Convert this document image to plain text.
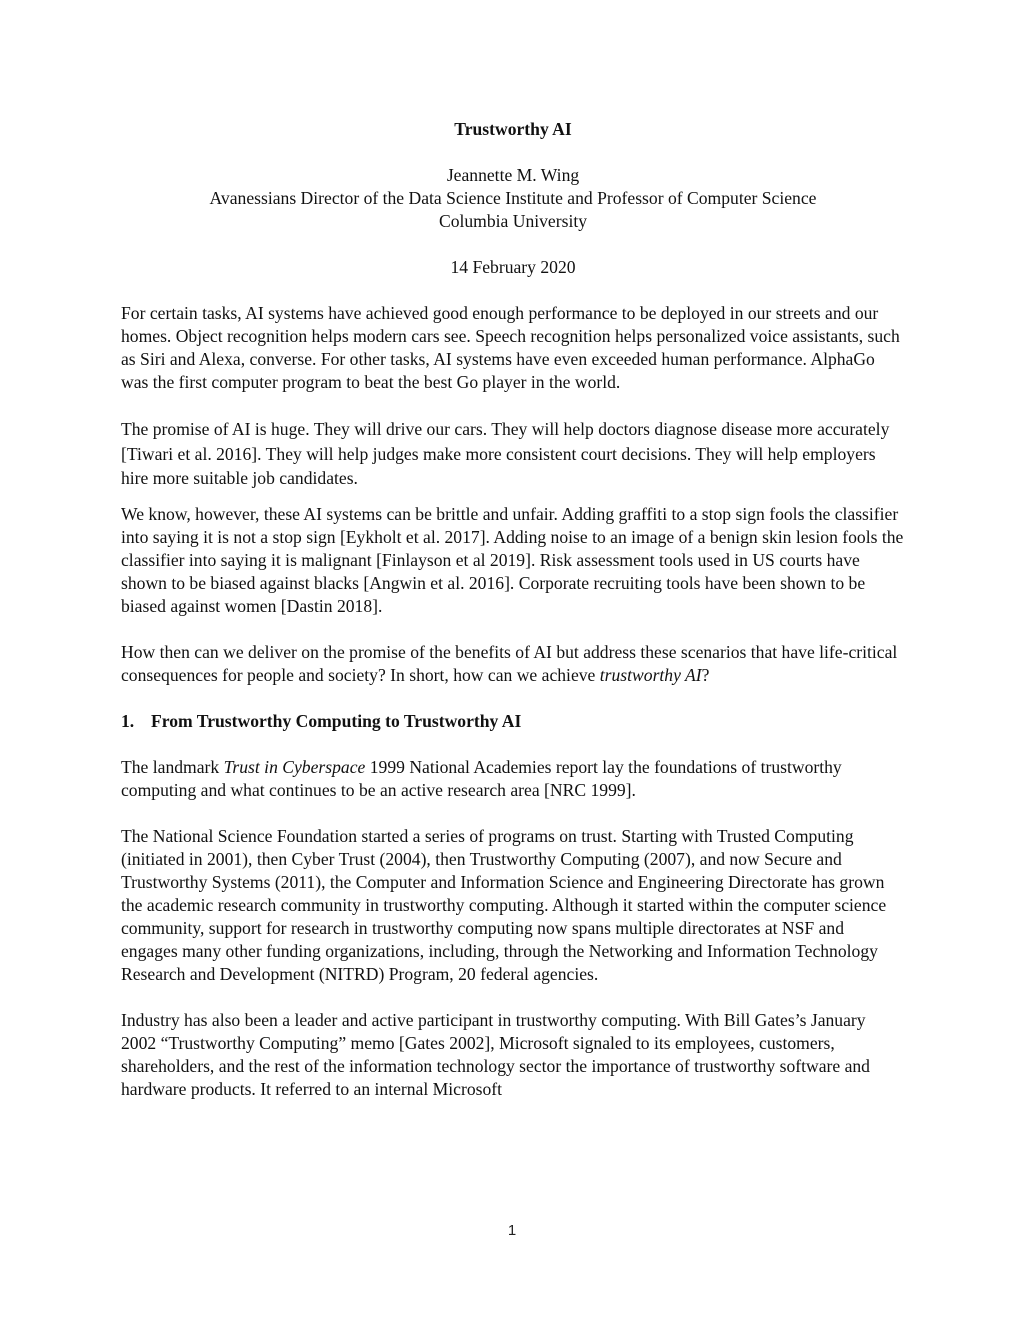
Trustworthy AI
Jeannette M. Wing
Avanessians Director of the Data Science Institute and Professor of Computer Science
Columbia University
14 February 2020

For certain tasks, AI systems have achieved good enough performance to be deployed in our streets and our homes. Object recognition helps modern cars see. Speech recognition helps personalized voice assistants, such as Siri and Alexa, converse. For other tasks, AI systems have even exceeded human performance. AlphaGo was the first computer program to beat the best Go player in the world.

The promise of AI is huge. They will drive our cars. They will help doctors diagnose disease more accurately [Tiwari et al. 2016]. They will help judges make more consistent court decisions. They will help employers hire more suitable job candidates.

We know, however, these AI systems can be brittle and unfair. Adding graffiti to a stop sign fools the classifier into saying it is not a stop sign [Eykholt et al. 2017]. Adding noise to an image of a benign skin lesion fools the classifier into saying it is malignant [Finlayson et al 2019]. Risk assessment tools used in US courts have shown to be biased against blacks [Angwin et al. 2016]. Corporate recruiting tools have been shown to be biased against women [Dastin 2018].

How then can we deliver on the promise of the benefits of AI but address these scenarios that have life-critical consequences for people and society? In short, how can we achieve trustworthy AI?

1. From Trustworthy Computing to Trustworthy AI

The landmark Trust in Cyberspace 1999 National Academies report lay the foundations of trustworthy computing and what continues to be an active research area [NRC 1999].

The National Science Foundation started a series of programs on trust. Starting with Trusted Computing (initiated in 2001), then Cyber Trust (2004), then Trustworthy Computing (2007), and now Secure and Trustworthy Systems (2011), the Computer and Information Science and Engineering Directorate has grown the academic research community in trustworthy computing. Although it started within the computer science community, support for research in trustworthy computing now spans multiple directorates at NSF and engages many other funding organizations, including, through the Networking and Information Technology Research and Development (NITRD) Program, 20 federal agencies.

Industry has also been a leader and active participant in trustworthy computing. With Bill Gates’s January 2002 “Trustworthy Computing” memo [Gates 2002], Microsoft signaled to its employees, customers, shareholders, and the rest of the information technology sector the importance of trustworthy software and hardware products. It referred to an internal Microsoft

1
